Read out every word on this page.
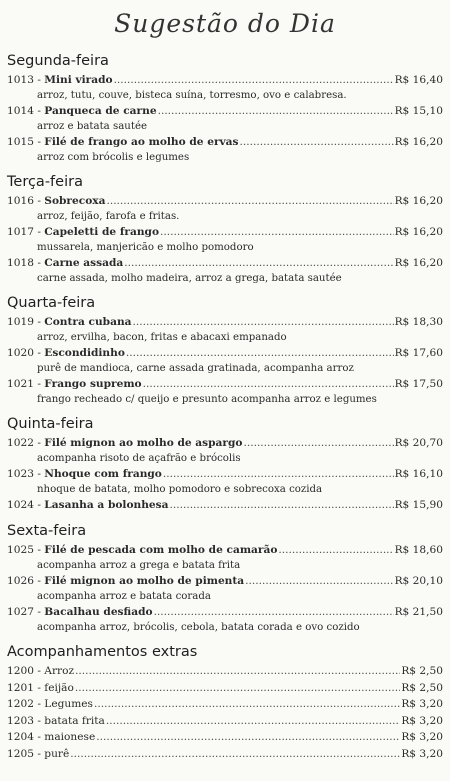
Sugestão do Dia
Segunda-feira
1013 - Mini virado .....	R$ 16,40
arroz, tutu, couve, bisteca suína, torresmo, ovo e calabresa.
1014 - Panqueca de carne .....	R$ 15,10
arroz e batata sautée
1015 - Filé de frango ao molho de ervas .....	R$ 16,20
arroz com brócolis e legumes
Terça-feira
1016 - Sobrecoxa .....	R$ 16,20
arroz, feijão, farofa e fritas.
1017 - Capeletti de frango .....	R$ 16,20
mussarela, manjericão e molho pomodoro
1018 - Carne assada .....	R$ 16,20
carne assada, molho madeira, arroz a grega, batata sautée
Quarta-feira
1019 - Contra cubana .....	R$ 18,30
arroz, ervilha, bacon, fritas e abacaxi empanado
1020 - Escondidinho .....	R$ 17,60
purê de mandioca, carne assada gratinada, acompanha arroz
1021 - Frango supremo .....	R$ 17,50
frango recheado c/ queijo e presunto acompanha arroz e legumes
Quinta-feira
1022 - Filé mignon ao molho de aspargo .....	R$ 20,70
acompanha risoto de açafrão e brócolis
1023 - Nhoque com frango .....	R$ 16,10
nhoque de batata, molho pomodoro e sobrecoxa cozida
1024 - Lasanha a bolonhesa .....	R$ 15,90
Sexta-feira
1025 - Filé de pescada com molho de camarão .....	R$ 18,60
acompanha arroz a grega e batata frita
1026 - Filé mignon ao molho de pimenta .....	R$ 20,10
acompanha arroz e batata corada
1027 - Bacalhau desfiado .....	R$ 21,50
acompanha arroz, brócolis, cebola, batata corada e ovo cozido
Acompanhamentos extras
1200 - Arroz .....	R$ 2,50
1201 - feijão .....	R$ 2,50
1202 - Legumes .....	R$ 3,20
1203 - batata frita .....	R$ 3,20
1204 - maionese .....	R$ 3,20
1205 - purê .....	R$ 3,20
